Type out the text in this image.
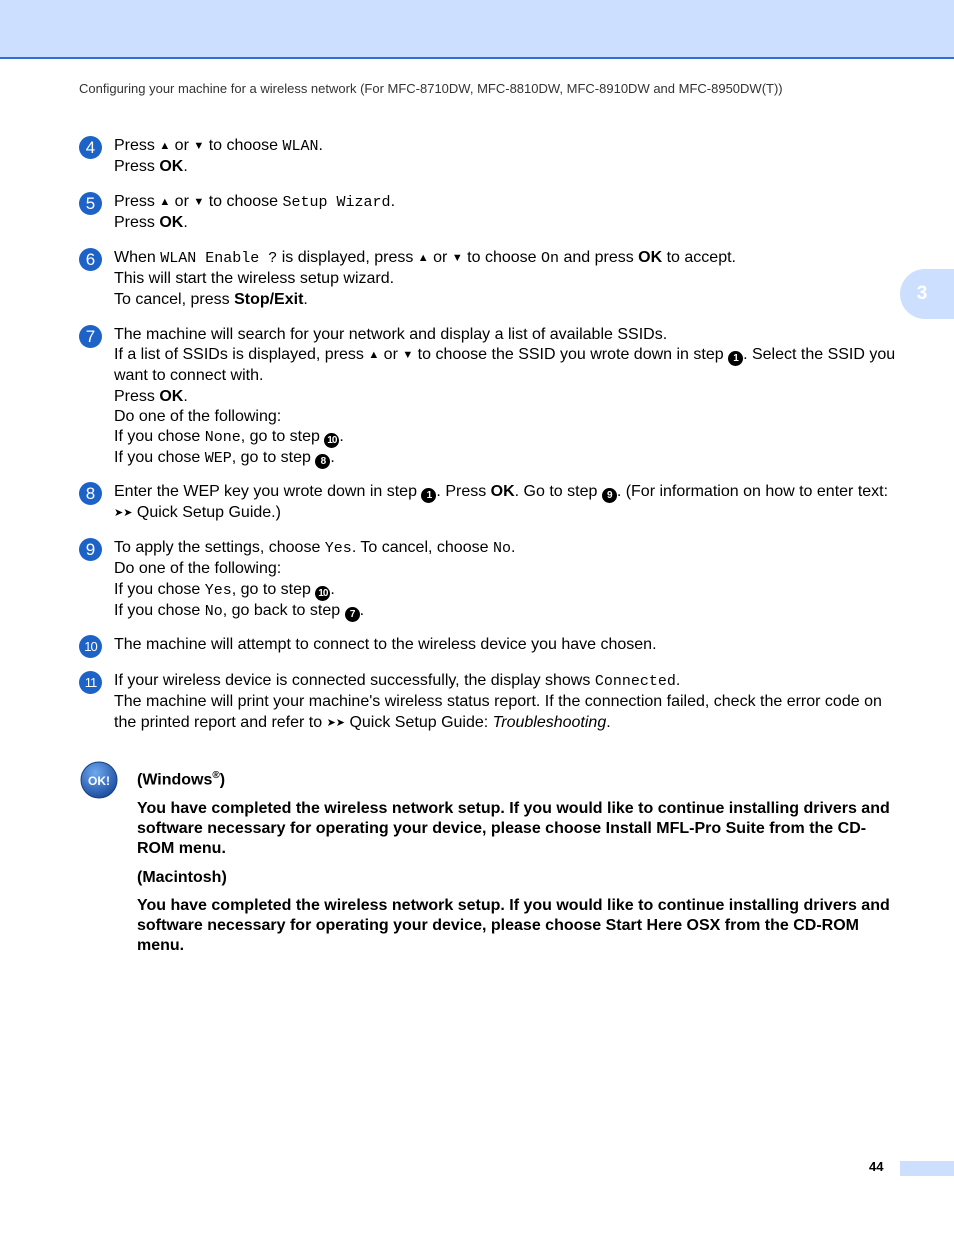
Configuring your machine for a wireless network (For MFC-8710DW, MFC-8810DW, MFC-8910DW and MFC-8950DW(T))
3
4	Press ▲ or ▼ to choose WLAN.
Press OK.
5	Press ▲ or ▼ to choose Setup Wizard.
Press OK.
6	When WLAN Enable ? is displayed, press ▲ or ▼ to choose On and press OK to accept.
This will start the wireless setup wizard.
To cancel, press Stop/Exit.
7	The machine will search for your network and display a list of available SSIDs.
If a list of SSIDs is displayed, press ▲ or ▼ to choose the SSID you wrote down in step 1 . Select the SSID you want to connect with.
Press OK.
Do one of the following:
If you chose None, go to step 10 .
If you chose WEP, go to step 8 .
8	Enter the WEP key you wrote down in step 1 . Press OK. Go to step 9 . (For information on how to enter text: ➤➤ Quick Setup Guide.)
9	To apply the settings, choose Yes. To cancel, choose No.
Do one of the following:
If you chose Yes, go to step 10 .
If you chose No, go back to step 7 .
10	The machine will attempt to connect to the wireless device you have chosen.
11	If your wireless device is connected successfully, the display shows Connected.
The machine will print your machine's wireless status report. If the connection failed, check the error code on the printed report and refer to ➤➤ Quick Setup Guide: Troubleshooting.
OK! (Windows®)

You have completed the wireless network setup. If you would like to continue installing drivers and software necessary for operating your device, please choose Install MFL-Pro Suite from the CD-ROM menu.

(Macintosh)

You have completed the wireless network setup. If you would like to continue installing drivers and software necessary for operating your device, please choose Start Here OSX from the CD-ROM menu.

44
